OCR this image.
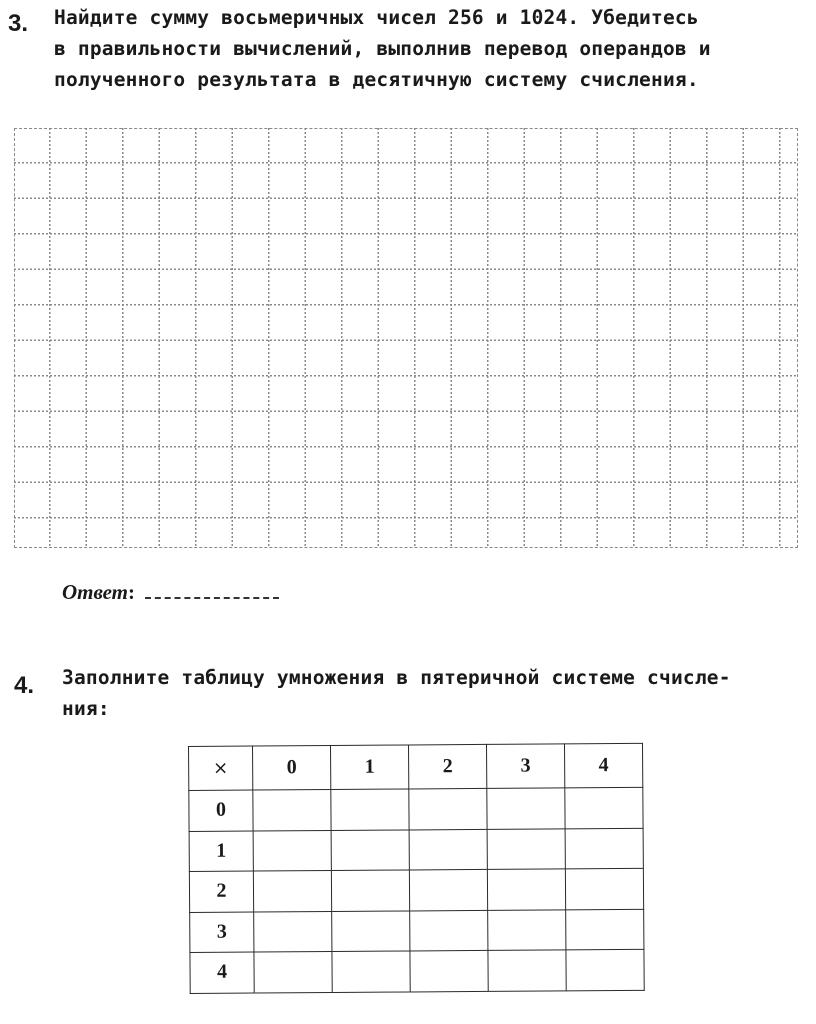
3. Найдите сумму восьмеричных чисел 256 и 1024. Убедитесь
в правильности вычислений, выполнив перевод операндов и
полученного результата в десятичную систему счисления.
Ответ:
4. Заполните таблицу умножения в пятеричной системе счисле-
ния:
×	0	1	2	3	4
0					
1					
2					
3					
4					
